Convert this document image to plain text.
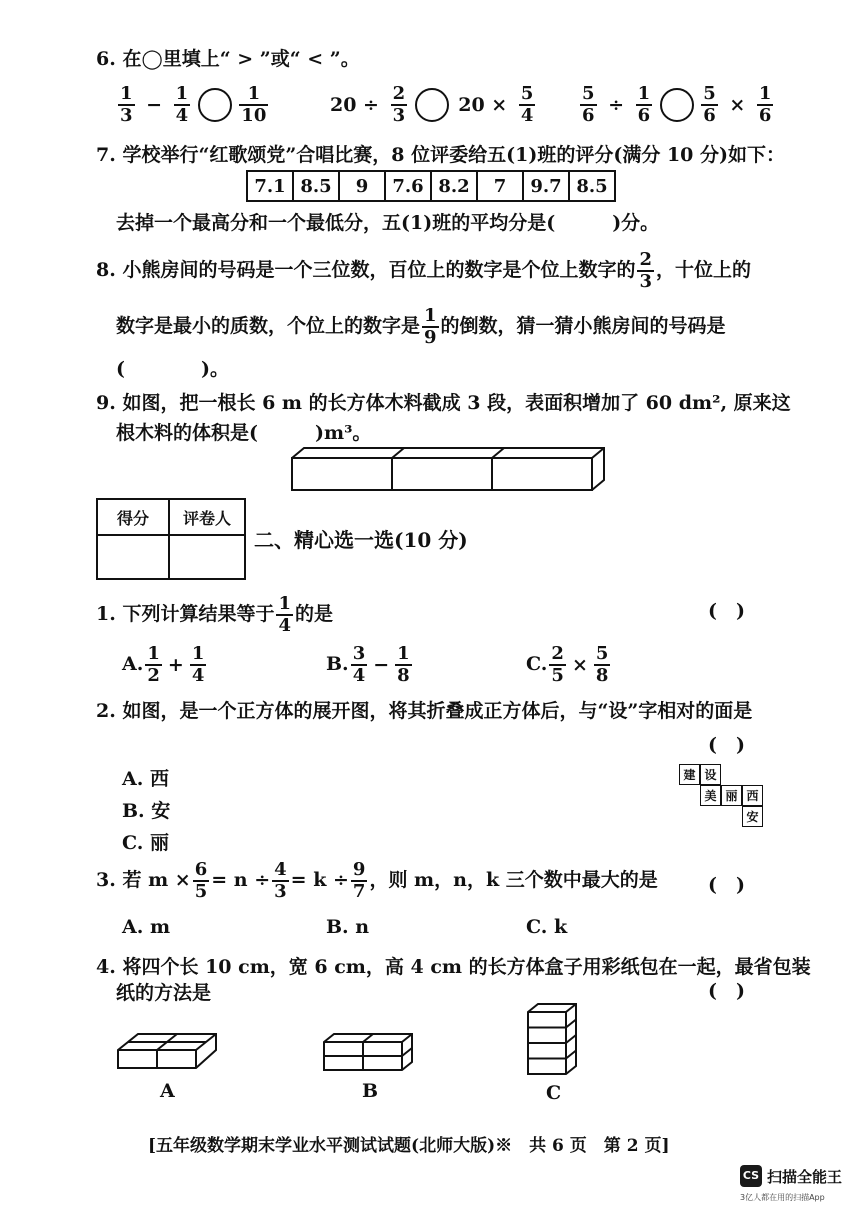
6. 在◯里填上“ > ”或“ < ”。
$\frac{1}{3} - \frac{1}{4}$
	$\frac{1}{10}$	$20 \div \frac{2}{3}$	$20 \times \frac{5}{4} \frac{5}{6} \div \frac{1}{6}$
	$\frac{5}{6} \times \frac{1}{6}$
7. 学校举行“红歌颂党”合唱比赛，8 位评委给五(1)班的评分(满分 10 分)如下：
7.1	8.5	9	7.6	8.2	7	9.7	8.5
去掉一个最高分和一个最低分，五(1)班的平均分是(　　　)分。
8. 小熊房间的号码是一个三位数，百位上的数字是个位上数字的 $\frac{2}{3}$ ，十位上的
数字是最小的质数，个位上的数字是 $\frac{1}{9}$ 的倒数，猜一猜小熊房间的号码是
(　　　　)。
9. 如图，把一根长 6 m 的长方体木料截成 3 段，表面积增加了 60 dm², 原来这
根木料的体积是(　　　)m³。
得分	评卷人

二、精心选一选(10 分)
1. 下列计算结果等于 $\frac{1}{4}$ 的是	(　)
A. $\frac{1}{2} + \frac{1}{4}$	B. $\frac{3}{4} - \frac{1}{8}$	C. $\frac{2}{5} \times \frac{5}{8}$
2. 如图，是一个正方体的展开图，将其折叠成正方体后，与“设”字相对的面是
(　)
A. 西
B. 安
C. 丽
建 设
美 丽 西
安
3. 若 $m \times \frac{6}{5} = n \div \frac{4}{3} = k \div \frac{9}{7}$ ，则 m，n，k 三个数中最大的是	(　)
A. m	B. n	C. k
4. 将四个长 10 cm，宽 6 cm，高 4 cm 的长方体盒子用彩纸包在一起，最省包装
纸的方法是	(　)
A	B	C
[五年级数学期末学业水平测试试题(北师大版)※　共 6 页　第 2 页]
CS 扫描全能王
3亿人都在用的扫描App
